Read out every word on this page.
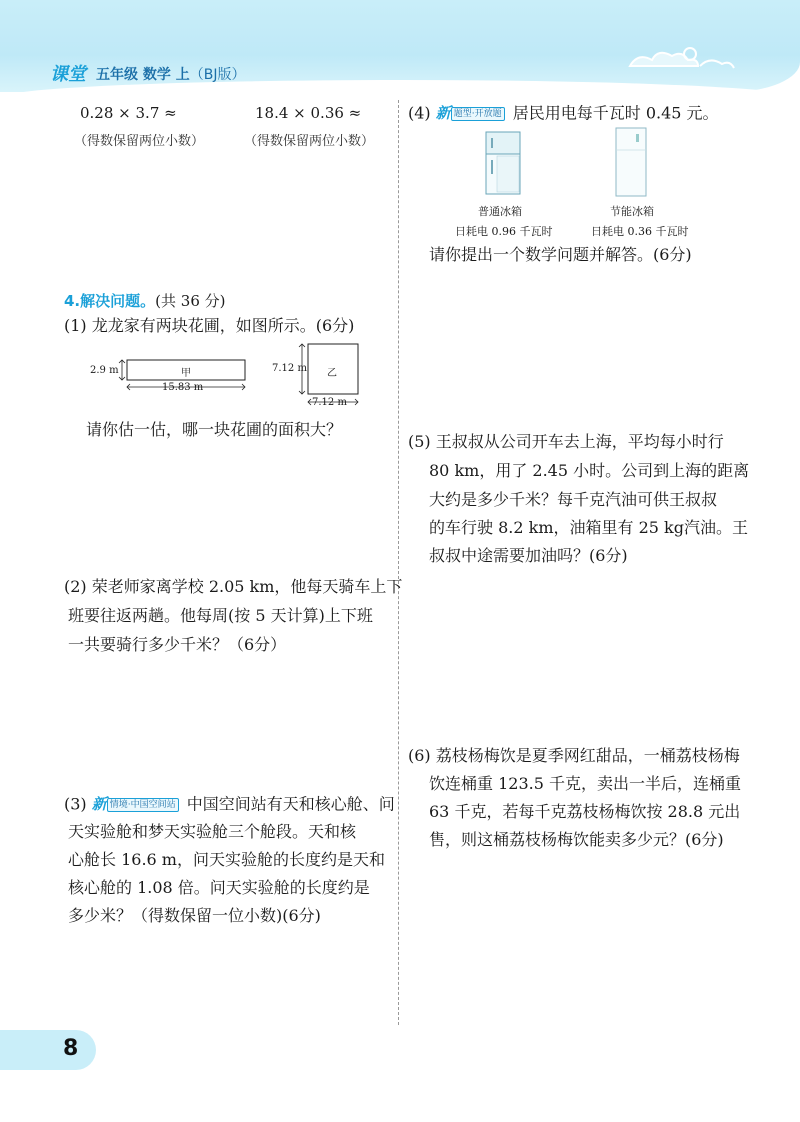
课堂 五年级 数学 上（BJ版）
0.28 × 3.7 ≈	18.4 × 0.36 ≈
（得数保留两位小数）	（得数保留两位小数）
(4) 新 题型·开放题 居民用电每千瓦时 0.45 元。
普通冰箱
日耗电 0.96 千瓦时
节能冰箱
日耗电 0.36 千瓦时
请你提出一个数学问题并解答。(6分)
4.解决问题。(共 36 分)
(1) 龙龙家有两块花圃，如图所示。(6分)
2.9 m	甲
15.83 m
7.12 m 乙
7.12 m
请你估一估，哪一块花圃的面积大？
(2) 荣老师家离学校 2.05 km，他每天骑车上下
班要往返两趟。他每周(按 5 天计算)上下班
一共要骑行多少千米？（6分）
(3) 新 情境·中国空间站 中国空间站有天和核心舱、问
天实验舱和梦天实验舱三个舱段。天和核
心舱长 16.6 m，问天实验舱的长度约是天和
核心舱的 1.08 倍。问天实验舱的长度约是
多少米？（得数保留一位小数)(6分)
(5) 王叔叔从公司开车去上海，平均每小时行
80 km，用了 2.45 小时。公司到上海的距离
大约是多少千米？每千克汽油可供王叔叔
的车行驶 8.2 km，油箱里有 25 kg汽油。王
叔叔中途需要加油吗？(6分)
(6) 荔枝杨梅饮是夏季网红甜品，一桶荔枝杨梅
饮连桶重 123.5 千克，卖出一半后，连桶重
63 千克，若每千克荔枝杨梅饮按 28.8 元出
售，则这桶荔枝杨梅饮能卖多少元？(6分)
8
